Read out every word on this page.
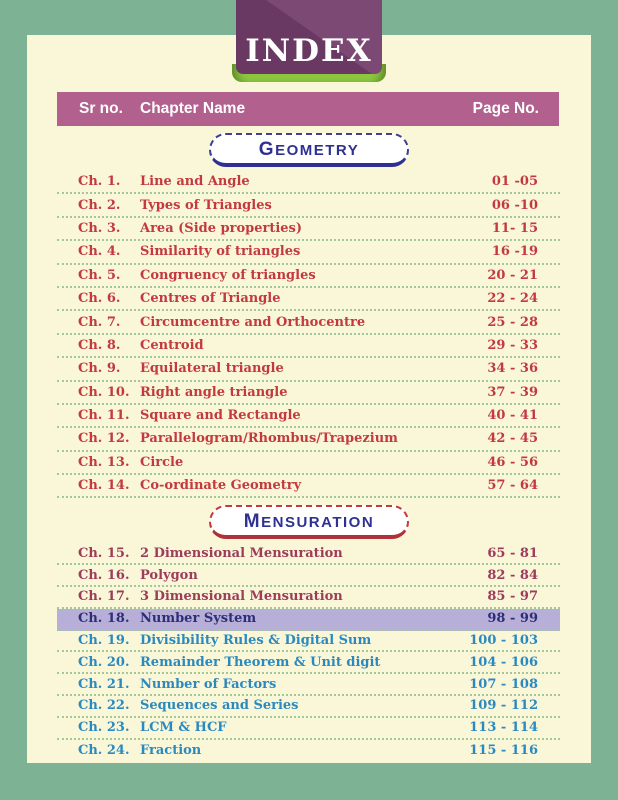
Sr no.	Chapter Name	Page No.
GEOMETRY
Ch. 1.	Line and Angle	01 -05
Ch. 2.	Types of Triangles	06 -10
Ch. 3.	Area (Side properties)	11- 15
Ch. 4.	Similarity of triangles	16 -19
Ch. 5.	Congruency of triangles	20 - 21
Ch. 6.	Centres of Triangle	22 - 24
Ch. 7.	Circumcentre and Orthocentre	25 - 28
Ch. 8.	Centroid	29 - 33
Ch. 9.	Equilateral triangle	34 - 36
Ch. 10. Right angle triangle	37 - 39
Ch. 11. Square and Rectangle	40 - 41
Ch. 12. Parallelogram/Rhombus/Trapezium	42 - 45
Ch. 13. Circle	46 - 56
Ch. 14. Co-ordinate Geometry	57 - 64
MENSURATION
Ch. 15. 2 Dimensional Mensuration	65 - 81
Ch. 16. Polygon	82 - 84
Ch. 17. 3 Dimensional Mensuration	85 - 97
Ch. 18. Number System	98 - 99
Ch. 19. Divisibility Rules & Digital Sum	100 - 103
Ch. 20. Remainder Theorem & Unit digit	104 - 106
Ch. 21. Number of Factors	107 - 108
Ch. 22. Sequences and Series	109 - 112
Ch. 23. LCM & HCF	113 - 114
Ch. 24. Fraction	115 - 116
INDEX
